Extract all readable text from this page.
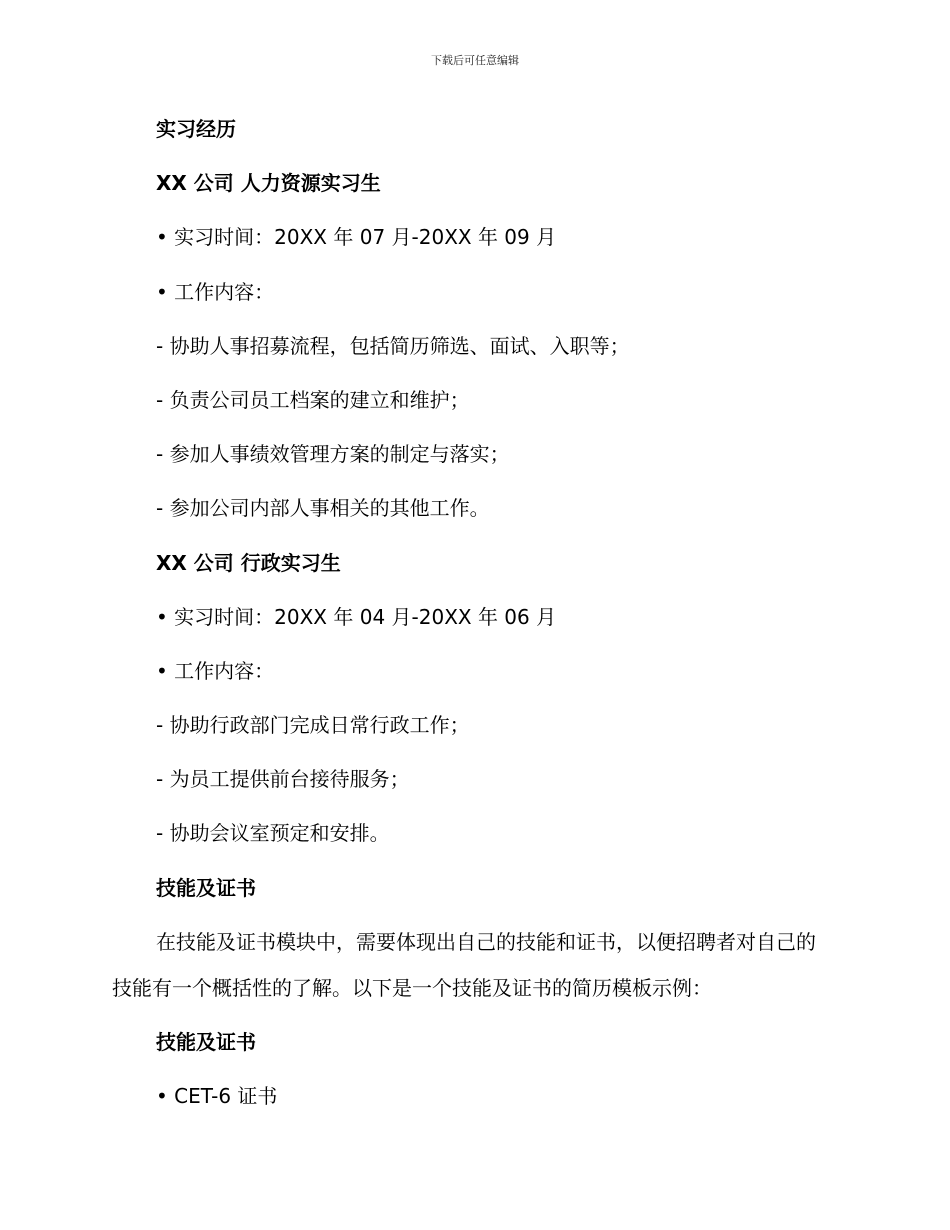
下载后可任意编辑
实习经历
XX 公司 人力资源实习生
• 实习时间：20XX 年 07 月-20XX 年 09 月
• 工作内容：
- 协助人事招募流程，包括简历筛选、面试、入职等；
- 负责公司员工档案的建立和维护；
- 参加人事绩效管理方案的制定与落实；
- 参加公司内部人事相关的其他工作。
XX 公司 行政实习生
• 实习时间：20XX 年 04 月-20XX 年 06 月
• 工作内容：
- 协助行政部门完成日常行政工作；
- 为员工提供前台接待服务；
- 协助会议室预定和安排。
技能及证书
在技能及证书模块中，需要体现出自己的技能和证书，以便招聘者对自己的技能有一个概括性的了解。以下是一个技能及证书的简历模板示例：
技能及证书
• CET-6 证书
